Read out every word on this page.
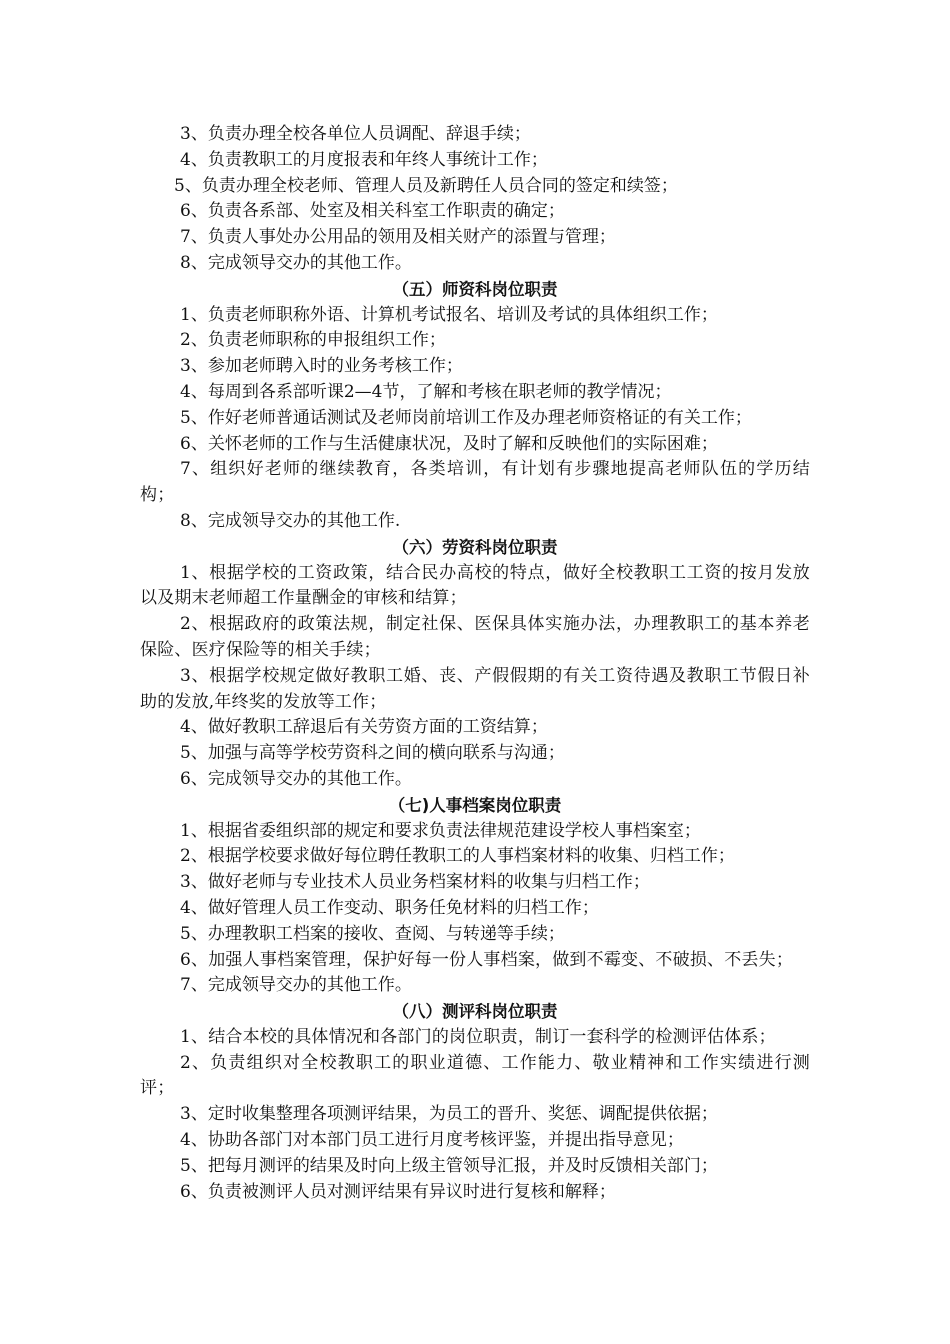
3、负责办理全校各单位人员调配、辞退手续；

4、负责教职工的月度报表和年终人事统计工作；

5、负责办理全校老师、管理人员及新聘任人员合同的签定和续签；

6、负责各系部、处室及相关科室工作职责的确定；

7、负责人事处办公用品的领用及相关财产的添置与管理；

8、完成领导交办的其他工作。

（五）师资科岗位职责

1、负责老师职称外语、计算机考试报名、培训及考试的具体组织工作；

2、负责老师职称的申报组织工作；

3、参加老师聘入时的业务考核工作；

4、每周到各系部听课2—4节，了解和考核在职老师的教学情况；

5、作好老师普通话测试及老师岗前培训工作及办理老师资格证的有关工作；

6、关怀老师的工作与生活健康状况，及时了解和反映他们的实际困难；

7、组织好老师的继续教育，各类培训，有计划有步骤地提高老师队伍的学历结构；

8、完成领导交办的其他工作.

（六）劳资科岗位职责

1、根据学校的工资政策，结合民办高校的特点，做好全校教职工工资的按月发放以及期末老师超工作量酬金的审核和结算；

2、根据政府的政策法规，制定社保、医保具体实施办法，办理教职工的基本养老保险、医疗保险等的相关手续；

3、根据学校规定做好教职工婚、丧、产假假期的有关工资待遇及教职工节假日补助的发放,年终奖的发放等工作；

4、做好教职工辞退后有关劳资方面的工资结算；

5、加强与高等学校劳资科之间的横向联系与沟通；

6、完成领导交办的其他工作。

（七)人事档案岗位职责

1、根据省委组织部的规定和要求负责法律规范建设学校人事档案室；

2、根据学校要求做好每位聘任教职工的人事档案材料的收集、归档工作；

3、做好老师与专业技术人员业务档案材料的收集与归档工作；

4、做好管理人员工作变动、职务任免材料的归档工作；

5、办理教职工档案的接收、查阅、与转递等手续；

6、加强人事档案管理，保护好每一份人事档案，做到不霉变、不破损、不丢失；

7、完成领导交办的其他工作。

（八）测评科岗位职责

1、结合本校的具体情况和各部门的岗位职责，制订一套科学的检测评估体系；

2、负责组织对全校教职工的职业道德、工作能力、敬业精神和工作实绩进行测评；

3、定时收集整理各项测评结果，为员工的晋升、奖惩、调配提供依据；

4、协助各部门对本部门员工进行月度考核评鉴，并提出指导意见；

5、把每月测评的结果及时向上级主管领导汇报，并及时反馈相关部门；

6、负责被测评人员对测评结果有异议时进行复核和解释；
